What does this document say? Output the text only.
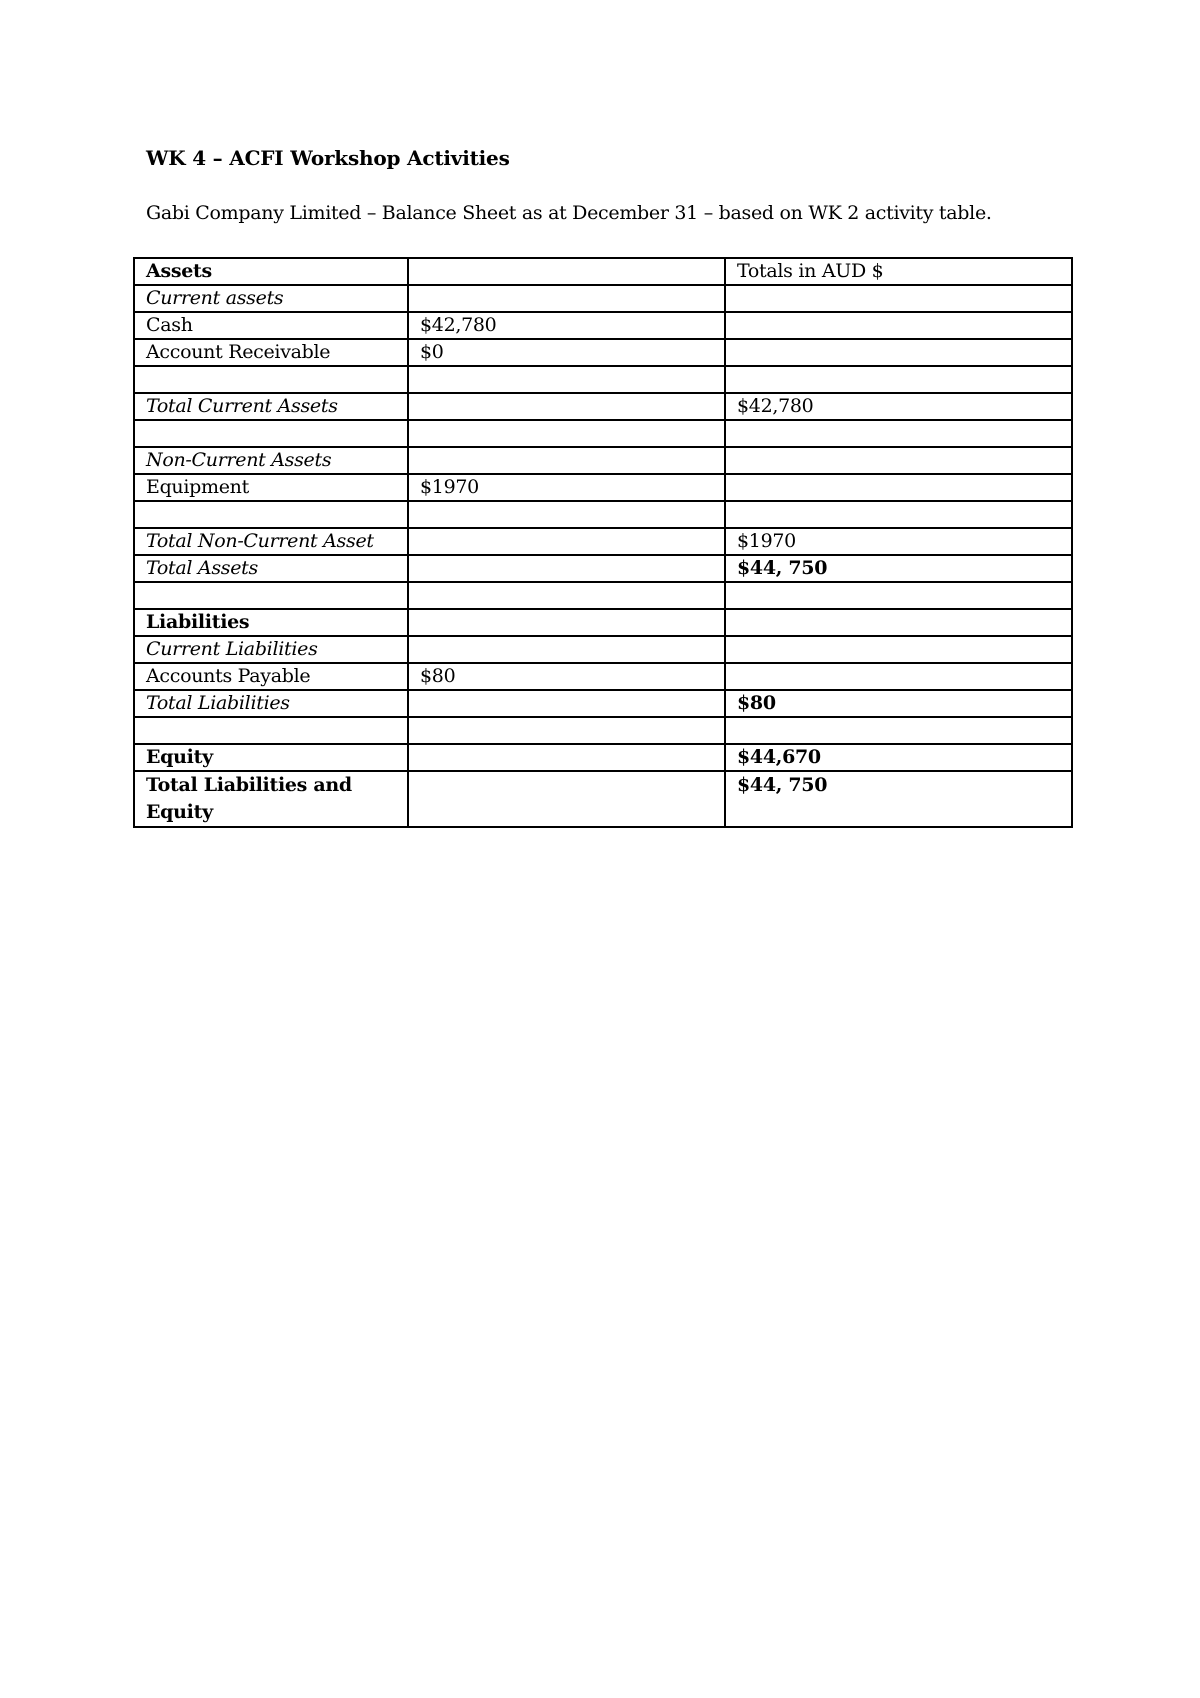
WK 4 – ACFI Workshop Activities
Gabi Company Limited – Balance Sheet as at December 31 – based on WK 2 activity table.
Assets		Totals in AUD $
Current assets		
Cash	$42,780	
Account Receivable	$0	

Total Current Assets		$42,780

Non-Current Assets		
Equipment	$1970	

Total Non-Current Asset		$1970
Total Assets		$44, 750

Liabilities		
Current Liabilities		
Accounts Payable	$80	
Total Liabilities		$80

Equity		$44,670
Total Liabilities and Equity		$44, 750
